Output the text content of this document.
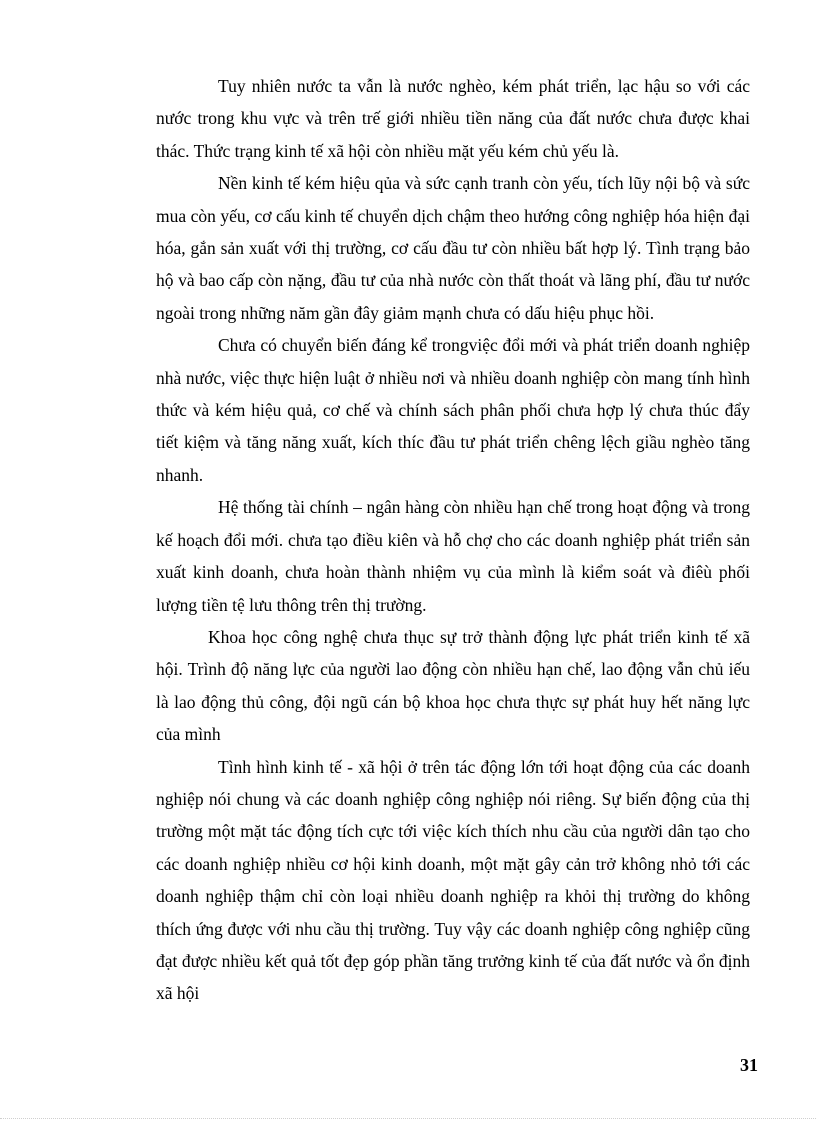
Tuy nhiên nước ta vẫn là nước nghèo, kém phát triển, lạc hậu so với các nước trong khu vực và trên trế giới nhiều tiền năng của đất nước chưa được khai thác. Thức trạng kinh tế xã hội còn nhiều mặt yếu kém chủ yếu là.

Nền kinh tế kém hiệu qủa và sức cạnh tranh còn yếu, tích lũy nội bộ và sức mua còn yếu, cơ cấu kinh tế chuyển dịch chậm theo hướng công nghiệp hóa hiện đại hóa, gắn sản xuất với thị trường, cơ cấu đầu tư còn nhiều bất hợp lý. Tình trạng bảo hộ và bao cấp còn nặng, đầu tư của nhà nước còn thất thoát và lãng phí, đầu tư nước ngoài trong những năm gần đây giảm mạnh chưa có dấu hiệu phục hồi.

Chưa có chuyển biến đáng kể trongviệc đổi mới và phát triển doanh nghiệp nhà nước, việc thực hiện luật ở nhiều nơi và nhiều doanh nghiệp còn mang tính hình thức và kém hiệu quả, cơ chế và chính sách phân phối chưa hợp lý chưa thúc đẩy tiết kiệm và tăng năng xuất, kích thíc đầu tư phát triển chêng lệch giầu nghèo tăng nhanh.

Hệ thống tài chính – ngân hàng còn nhiều hạn chế trong hoạt động và trong kế hoạch đổi mới. chưa tạo điều kiên và hỗ chợ cho các doanh nghiệp phát triển sản xuất kinh doanh, chưa hoàn thành nhiệm vụ của mình là kiểm soát và điêù phối lượng tiền tệ lưu thông trên thị trường.

Khoa học công nghệ chưa thục sự trở thành động lực phát triển kinh tế xã hội. Trình độ năng lực của người lao động còn nhiều hạn chế, lao động vẫn chủ iếu là lao động thủ công, đội ngũ cán bộ khoa học chưa thực sự phát huy hết năng lực của mình

Tình hình kinh tế - xã hội ở trên tác động lớn tới hoạt động của các doanh nghiệp nói chung và các doanh nghiệp công nghiệp nói riêng. Sự biến động của thị trường một mặt tác động tích cực tới việc kích thích nhu cầu của người dân tạo cho các doanh nghiệp nhiều cơ hội kinh doanh, một mặt gây cản trở không nhỏ tới các doanh nghiệp thậm chỉ còn loại nhiều doanh nghiệp ra khỏi thị trường do không thích ứng được với nhu cầu thị trường. Tuy vậy các doanh nghiệp công nghiệp cũng đạt được nhiều kết quả tốt đẹp góp phần tăng trưởng kinh tế của đất nước và ổn định xã hội

31
